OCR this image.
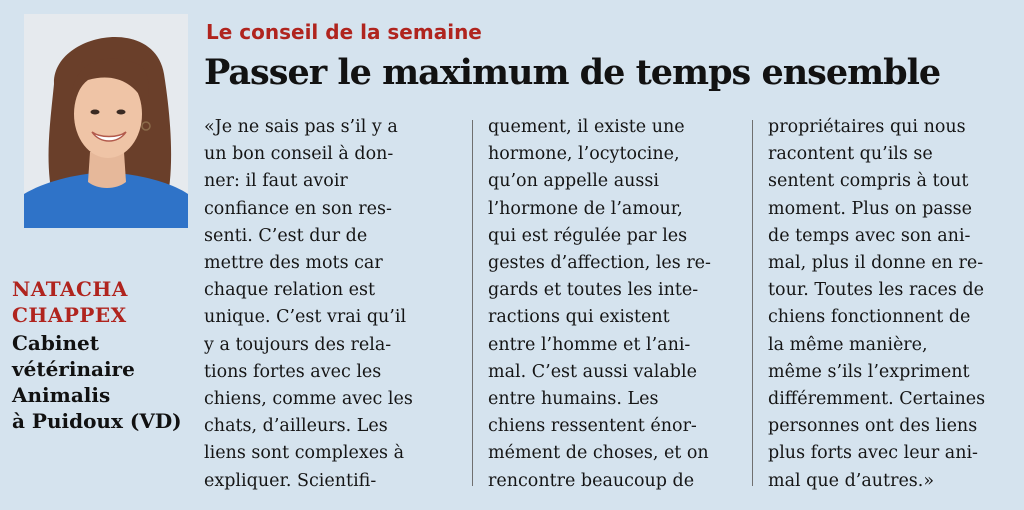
NATACHA
CHAPPEX
Cabinet
vétérinaire
Animalis
à Puidoux (VD)
Le conseil de la semaine
Passer le maximum de temps ensemble
«Je ne sais pas s’il y a
un bon conseil à don-
ner: il faut avoir
confiance en son res-
senti. C’est dur de
mettre des mots car
chaque relation est
unique. C’est vrai qu’il
y a toujours des rela-
tions fortes avec les
chiens, comme avec les
chats, d’ailleurs. Les
liens sont complexes à
expliquer. Scientifi-
quement, il existe une
hormone, l’ocytocine,
qu’on appelle aussi
l’hormone de l’amour,
qui est régulée par les
gestes d’affection, les re-
gards et toutes les inte-
ractions qui existent
entre l’homme et l’ani-
mal. C’est aussi valable
entre humains. Les
chiens ressentent énor-
mément de choses, et on
rencontre beaucoup de
propriétaires qui nous
racontent qu’ils se
sentent compris à tout
moment. Plus on passe
de temps avec son ani-
mal, plus il donne en re-
tour. Toutes les races de
chiens fonctionnent de
la même manière,
même s’ils l’expriment
différemment. Certaines
personnes ont des liens
plus forts avec leur ani-
mal que d’autres.»
